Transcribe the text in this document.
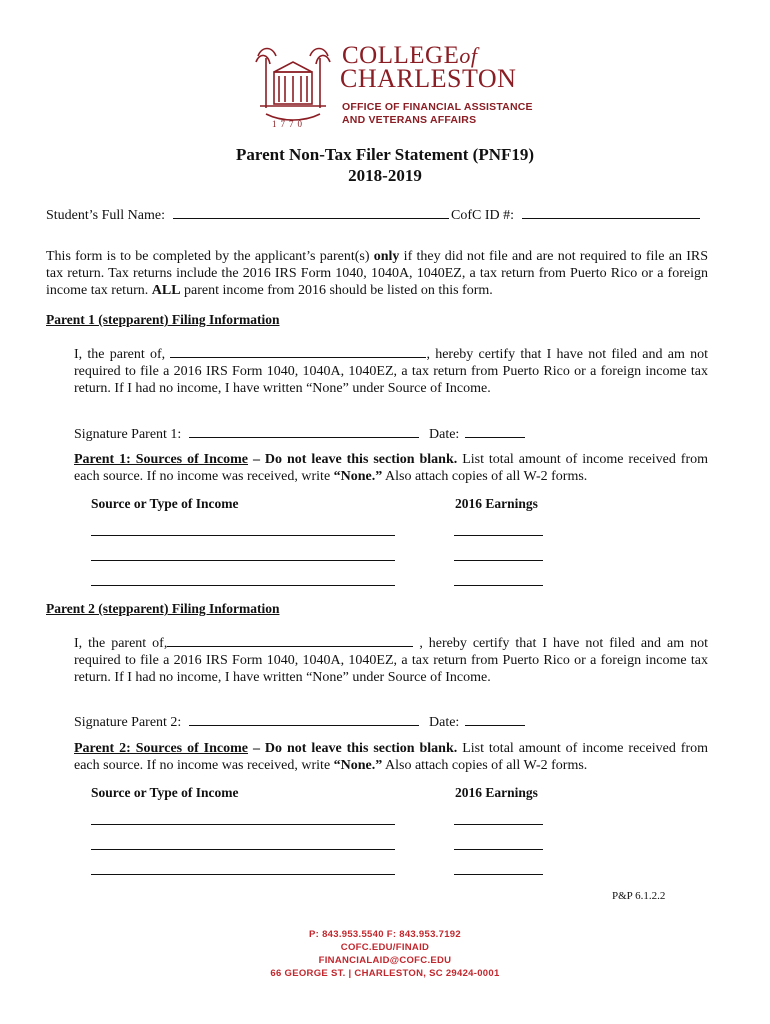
1770
COLLEGEof
CHARLESTON
OFFICE OF FINANCIAL ASSISTANCE
AND VETERANS AFFAIRS
Parent Non-Tax Filer Statement (PNF19)
2018-2019
Student’s Full Name:	CofC ID #:
This form is to be completed by the applicant’s parent(s) only if they did not file and are not required to file an IRS tax return. Tax returns include the 2016 IRS Form 1040, 1040A, 1040EZ, a tax return from Puerto Rico or a foreign income tax return. ALL parent income from 2016 should be listed on this form.
Parent 1 (stepparent) Filing Information
I, the parent of,	, hereby certify that I have not filed and am not required to file a 2016 IRS Form 1040, 1040A, 1040EZ, a tax return from Puerto Rico or a foreign income tax return. If I had no income, I have written “None” under Source of Income.
Signature Parent 1:	Date:
Parent 1: Sources of Income – Do not leave this section blank. List total amount of income received from each source. If no income was received, write “None.” Also attach copies of all W-2 forms.
Source or Type of Income	2016 Earnings
Parent 2 (stepparent) Filing Information
I, the parent of,	, hereby certify that I have not filed and am not required to file a 2016 IRS Form 1040, 1040A, 1040EZ, a tax return from Puerto Rico or a foreign income tax return. If I had no income, I have written “None” under Source of Income.
Signature Parent 2:	Date:
Parent 2: Sources of Income – Do not leave this section blank. List total amount of income received from each source. If no income was received, write “None.” Also attach copies of all W-2 forms.
Source or Type of Income	2016 Earnings
P&P 6.1.2.2
P: 843.953.5540 F: 843.953.7192
COFC.EDU/FINAID
FINANCIALAID@COFC.EDU
66 GEORGE ST. | CHARLESTON, SC 29424-0001
